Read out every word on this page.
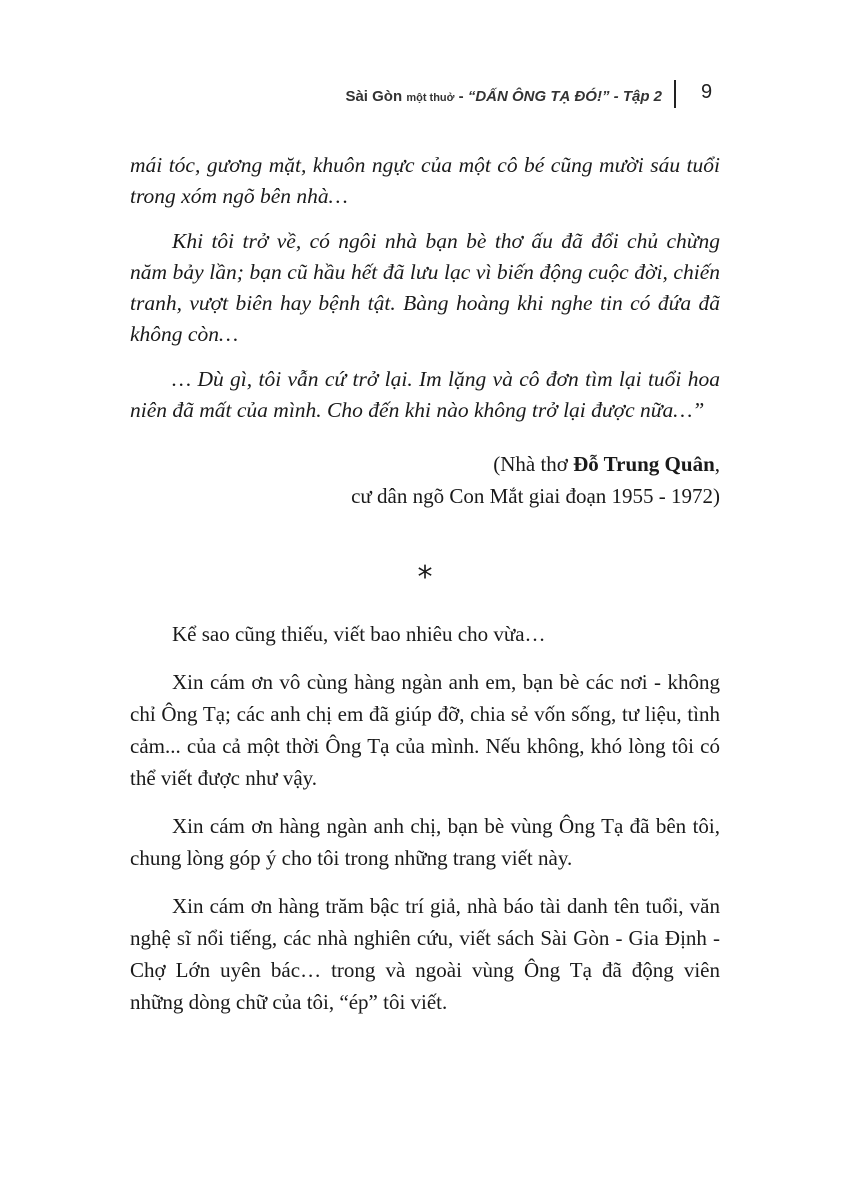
Sài Gòn một thuở - “DẤN ÔNG TẠ ĐÓ!” - Tập 2 9

mái tóc, gương mặt, khuôn ngực của một cô bé cũng mười sáu tuổi trong xóm ngõ bên nhà…

Khi tôi trở về, có ngôi nhà bạn bè thơ ấu đã đổi chủ chừng năm bảy lần; bạn cũ hầu hết đã lưu lạc vì biến động cuộc đời, chiến tranh, vượt biên hay bệnh tật. Bàng hoàng khi nghe tin có đứa đã không còn…

… Dù gì, tôi vẫn cứ trở lại. Im lặng và cô đơn tìm lại tuổi hoa niên đã mất của mình. Cho đến khi nào không trở lại được nữa…”

(Nhà thơ Đỗ Trung Quân,
cư dân ngõ Con Mắt giai đoạn 1955 - 1972)
*

Kể sao cũng thiếu, viết bao nhiêu cho vừa…

Xin cám ơn vô cùng hàng ngàn anh em, bạn bè các nơi - không chỉ Ông Tạ; các anh chị em đã giúp đỡ, chia sẻ vốn sống, tư liệu, tình cảm... của cả một thời Ông Tạ của mình. Nếu không, khó lòng tôi có thể viết được như vậy.

Xin cám ơn hàng ngàn anh chị, bạn bè vùng Ông Tạ đã bên tôi, chung lòng góp ý cho tôi trong những trang viết này.

Xin cám ơn hàng trăm bậc trí giả, nhà báo tài danh tên tuổi, văn nghệ sĩ nổi tiếng, các nhà nghiên cứu, viết sách Sài Gòn - Gia Định - Chợ Lớn uyên bác… trong và ngoài vùng Ông Tạ đã động viên những dòng chữ của tôi, “ép” tôi viết.
